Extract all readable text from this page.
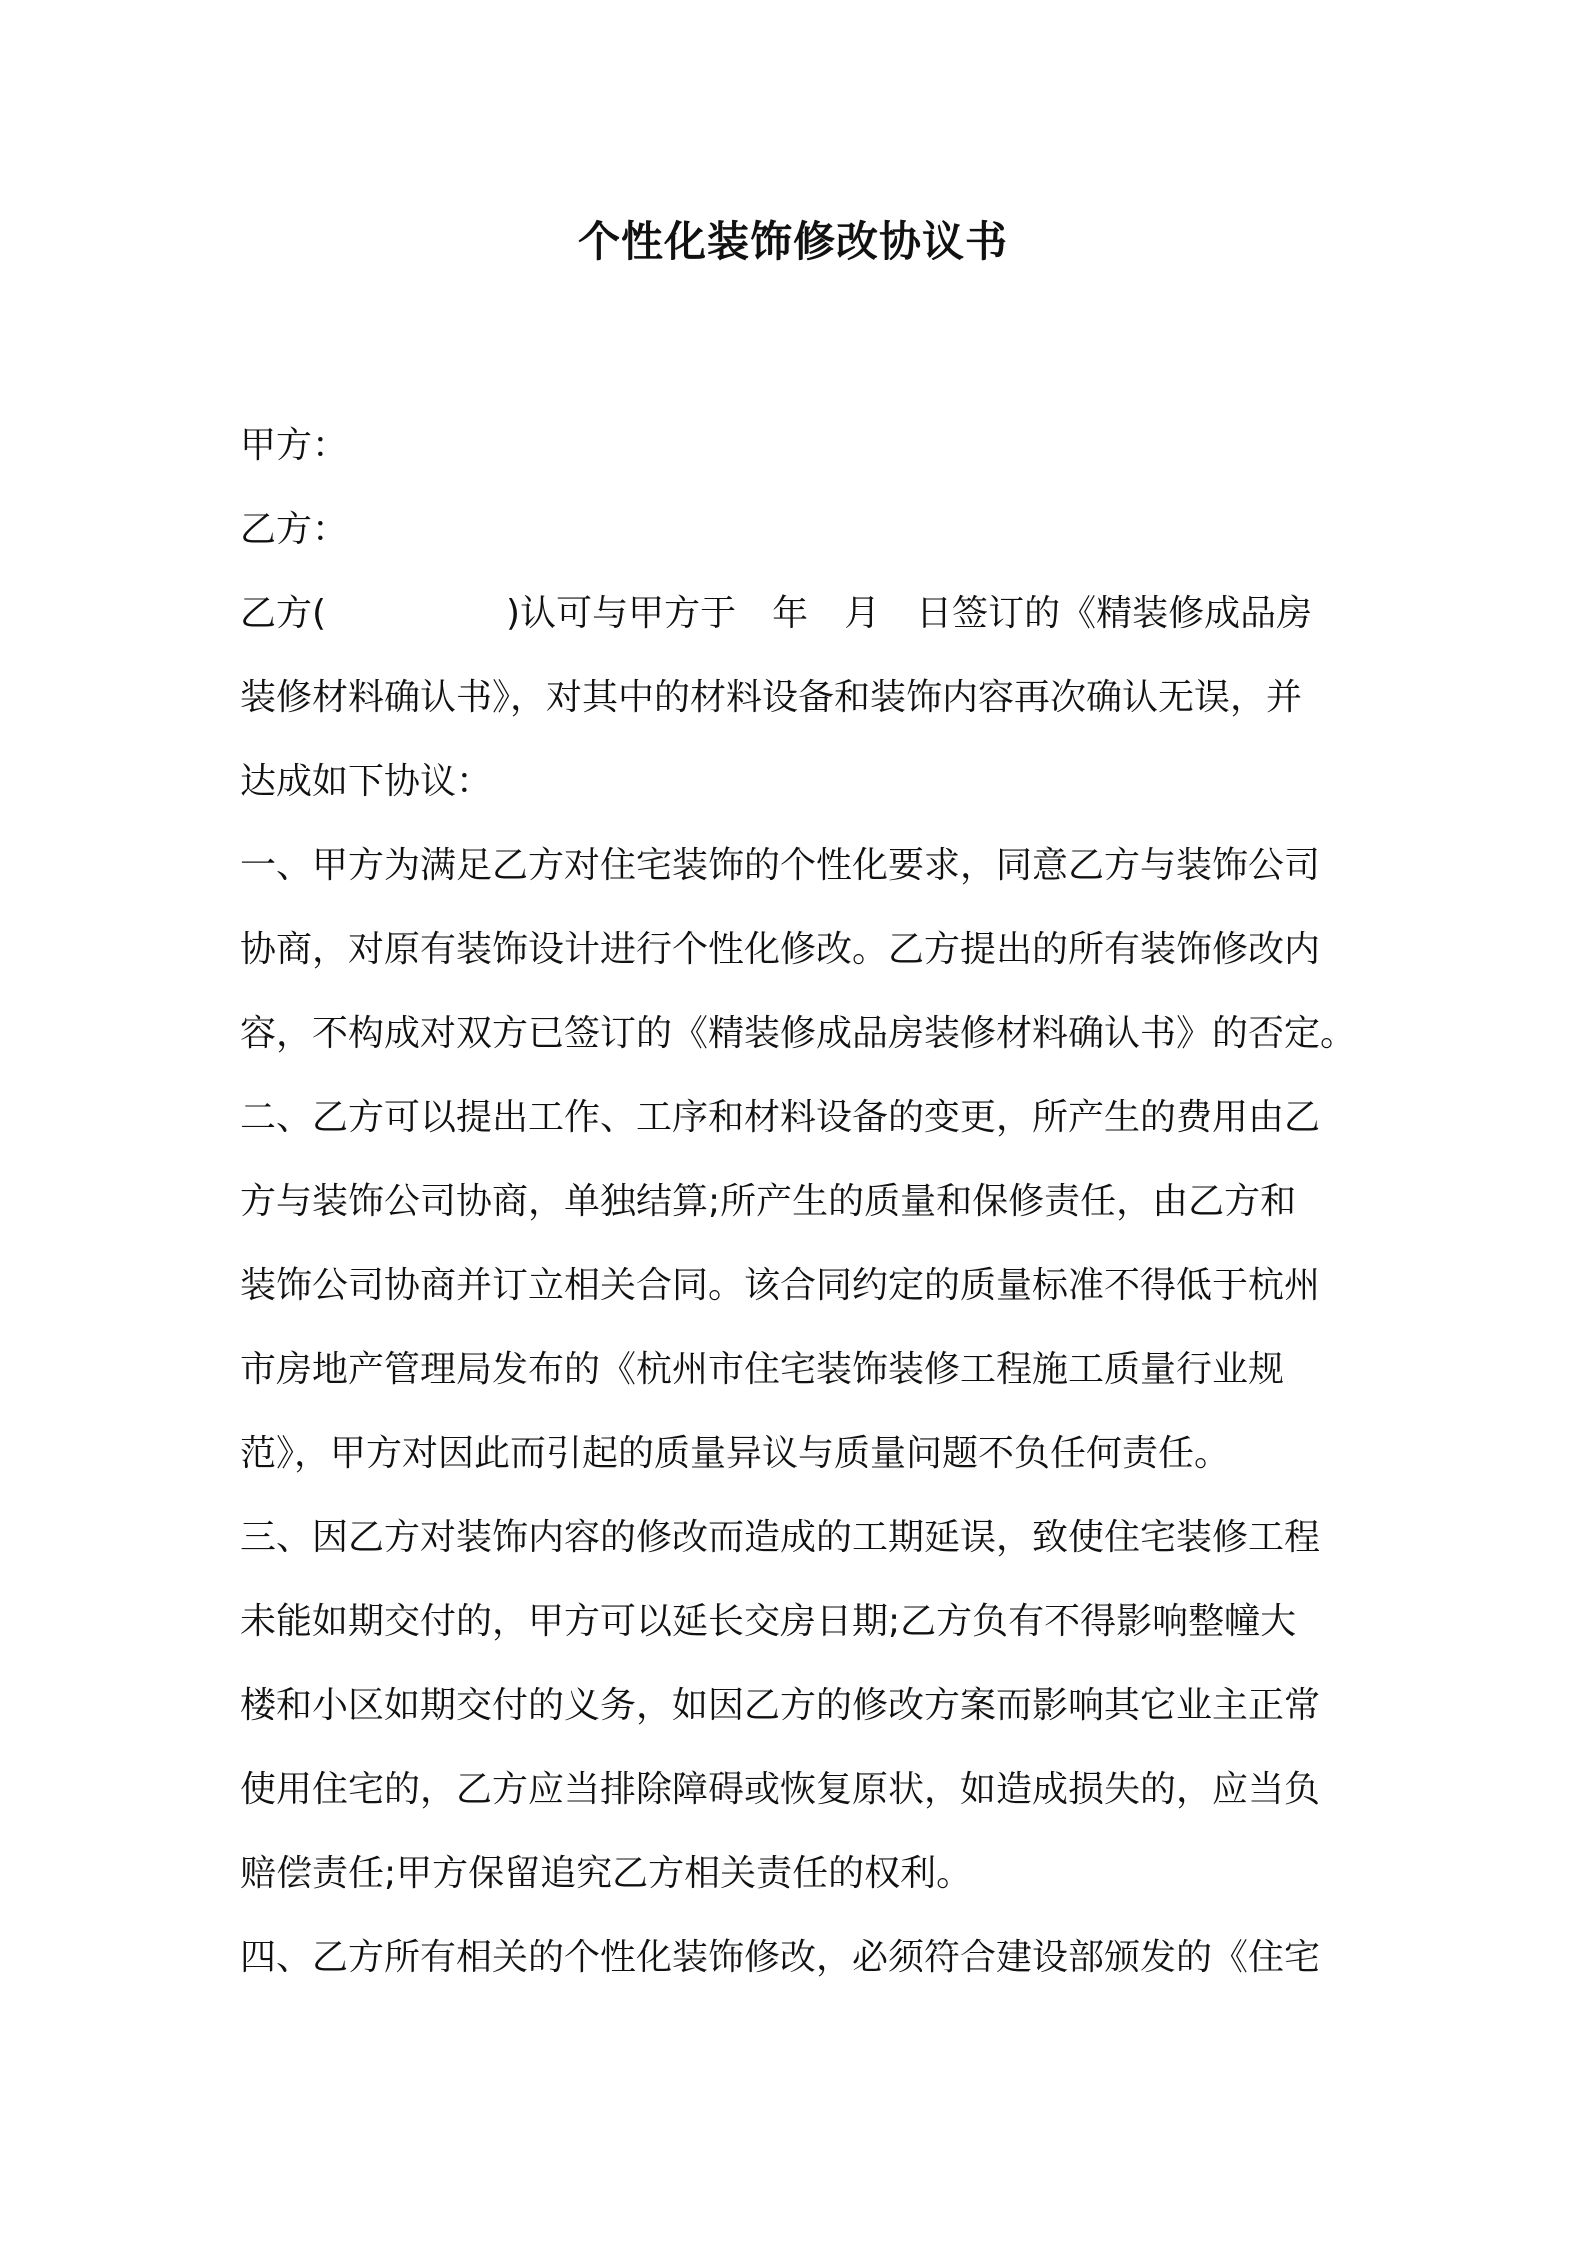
个性化装饰修改协议书
甲方：
乙方：
乙方(　　　　　)认可与甲方于　年　月　日签订的《精装修成品房
装修材料确认书》，对其中的材料设备和装饰内容再次确认无误，并
达成如下协议：
一、甲方为满足乙方对住宅装饰的个性化要求，同意乙方与装饰公司
协商，对原有装饰设计进行个性化修改。乙方提出的所有装饰修改内
容，不构成对双方已签订的《精装修成品房装修材料确认书》的否定。
二、乙方可以提出工作、工序和材料设备的变更，所产生的费用由乙
方与装饰公司协商，单独结算;所产生的质量和保修责任，由乙方和
装饰公司协商并订立相关合同。该合同约定的质量标准不得低于杭州
市房地产管理局发布的《杭州市住宅装饰装修工程施工质量行业规
范》，甲方对因此而引起的质量异议与质量问题不负任何责任。
三、因乙方对装饰内容的修改而造成的工期延误，致使住宅装修工程
未能如期交付的，甲方可以延长交房日期;乙方负有不得影响整幢大
楼和小区如期交付的义务，如因乙方的修改方案而影响其它业主正常
使用住宅的，乙方应当排除障碍或恢复原状，如造成损失的，应当负
赔偿责任;甲方保留追究乙方相关责任的权利。
四、乙方所有相关的个性化装饰修改，必须符合建设部颁发的《住宅
